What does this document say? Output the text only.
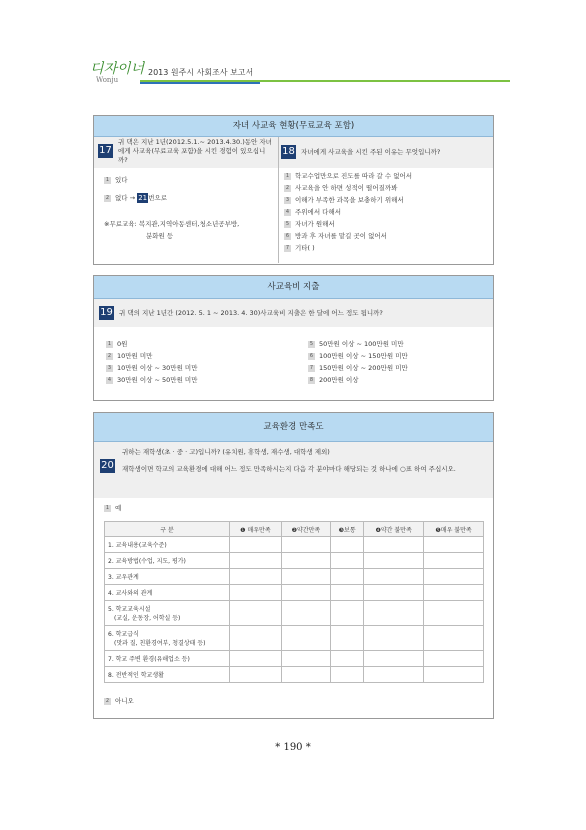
디자이너
Wonju
2013 원주시 사회조사 보고서
자녀 사교육 현황(무료교육 포함)
17
귀 댁은 지난 1년(2012.5.1.~ 2013.4.30.)동안 자녀에게 사교육(무료교육 포함)을 시킨 경험이 있으십니까?
1 있다
2 없다 → 21번으로
※무료교육: 복지관,지역아동센터,청소년공부방,
분화원 등
18 자녀에게 사교육을 시킨 주된 이유는 무엇입니까?
1 학교수업만으로 진도를 따라 갈 수 없어서
2 사교육을 안 하면 성적이 떨어질까봐
3 이해가 부족한 과목을 보충하기 위해서
4 주위에서 다해서
5 자녀가 원해서
6 방과 후 자녀를 맡길 곳이 없어서
7 기타( )
사교육비 지출
19 귀 댁의 지난 1년간 (2012. 5. 1 ~ 2013. 4. 30)사교육비 지출은 한 달에 어느 정도 됩니까?
1 0원
2 10만원 미만
3 10만원 이상 ~ 30만원 미만
4 30만원 이상 ~ 50만원 미만
5 50만원 이상 ~ 100만원 미만
6 100만원 이상 ~ 150만원 미만
7 150만원 이상 ~ 200만원 미만
8 200만원 이상
교육환경 만족도
20
귀하는 재학생(초 · 중 · 고)입니까? (유치원, 휴학생, 재수생, 대학생 제외)
재학생이면 학교의 교육환경에 대해 어느 정도 만족하시는지 다음 각 분야마다 해당되는 것 하나에 ○표 하여 주십시오.
1 예
구 분	❶ 매우만족	❷약간만족	❸보통	❹약간 불만족	❺매우 불만족
1. 교육내용(교육수준)					
2. 교육방법(수업, 지도, 평가)					
3. 교우관계					
4. 교사와의 관계					

5. 학교교육시설
(교실, 운동장, 어학실 등)					

6. 학교급식
(맛과 질, 친환경여부, 청결상태 등)					

7. 학교 주변 환경(유해업소 등)					
8. 전반적인 학교생활					
2 아니오
* 190 *
